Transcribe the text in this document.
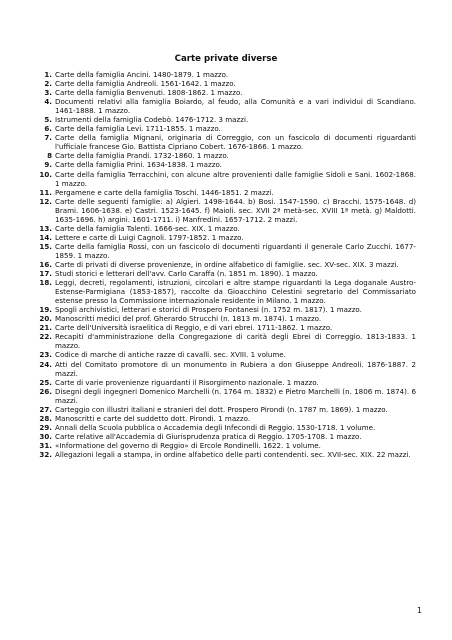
Carte private diverse

1. Carte della famiglia Ancini. 1480-1879. 1 mazzo.

2. Carte della famiglia Andreoli. 1561-1642. 1 mazzo.

3. Carte della famiglia Benvenuti. 1808-1862. 1 mazzo.

4. Documenti relativi alla famiglia Boiardo, al feudo, alla Comunità e a vari individui di Scandiano. 1461-1888. 1 mazzo.

5. Istrumenti della famiglia Codebò. 1476-1712. 3 mazzi.

6. Carte della famiglia Levi. 1711-1855. 1 mazzo.

7. Carte della famiglia Mignani, originaria di Correggio, con un fascicolo di documenti riguardanti l'ufficiale francese Gio. Battista Cipriano Cobert. 1676-1866. 1 mazzo.

8 Carte della famiglia Prandi. 1732-1860. 1 mazzo.

9. Carte della famiglia Prini. 1634-1838. 1 mazzo.

10. Carte della famiglia Terracchini, con alcune altre provenienti dalle famiglie Sidoli e Sani. 1602-1868. 1 mazzo.

11. Pergamene e carte della famiglia Toschi. 1446-1851. 2 mazzi.

12. Carte delle seguenti famiglie: a) Algieri. 1498-1644. b) Bosi. 1547-1590. c) Bracchi. 1575-1648. d) Brami. 1606-1638. e) Castri. 1523-1645. f) Maioli. sec. XVII 2ª metà-sec. XVIII 1ª metà. g) Maldotti. 1635-1696. h) argini. 1601-1711. i) Manfredini. 1657-1712. 2 mazzi.

13. Carte della famiglia Talenti. 1666-sec. XIX. 1 mazzo.

14. Lettere e carte di Luigi Cagnoli. 1797-1852. 1 mazzo.

15. Carte della famiglia Rossi, con un fascicolo di documenti riguardanti il generale Carlo Zucchi. 1677-1859. 1 mazzo.

16. Carte di privati di diverse provenienze, in ordine alfabetico di famiglie. sec. XV-sec. XIX. 3 mazzi.

17. Studi storici e letterari dell'avv. Carlo Caraffa (n. 1851 m. 1890). 1 mazzo.

18. Leggi, decreti, regolamenti, istruzioni, circolari e altre stampe riguardanti la Lega doganale Austro-Estense-Parmigiana (1853-1857), raccolte da Gioacchino Celestini segretario del Commissariato estense presso la Commissione internazionale residente in Milano. 1 mazzo.

19. Spogli archivistici, letterari e storici di Prospero Fontanesi (n. 1752 m. 1817). 1 mazzo.

20. Manoscritti medici del prof. Gherardo Strucchi (n. 1813 m. 1874). 1 mazzo.

21. Carte dell'Università israelitica di Reggio, e di vari ebrei. 1711-1862. 1 mazzo.

22. Recapiti d'amministrazione della Congregazione di carità degli Ebrei di Correggio. 1813-1833. 1 mazzo.

23. Codice di marche di antiche razze di cavalli. sec. XVIII. 1 volume.

24. Atti del Comitato promotore di un monumento in Rubiera a don Giuseppe Andreoli. 1876-1887. 2 mazzi.

25. Carte di varie provenienze riguardanti il Risorgimento nazionale. 1 mazzo.

26. Disegni degli ingegneri Domenico Marchelli (n. 1764 m. 1832) e Pietro Marchelli (n. 1806 m. 1874). 6 mazzi.

27. Carteggio con illustri italiani e stranieri del dott. Prospero Pirondi (n. 1787 m. 1869). 1 mazzo.

28. Manoscritti e carte del suddetto dott. Pirondi. 1 mazzo.

29. Annali della Scuola pubblica o Accademia degli Infecondi di Reggio. 1530-1718. 1 volume.

30. Carte relative all'Accademia di Giurisprudenza pratica di Reggio. 1705-1708. 1 mazzo.

31. «Informatione del governo di Reggio» di Ercole Rondinelli. 1622. 1 volume.

32. Allegazioni legali a stampa, in ordine alfabetico delle parti contendenti. sec. XVII-sec. XIX. 22 mazzi.

1
